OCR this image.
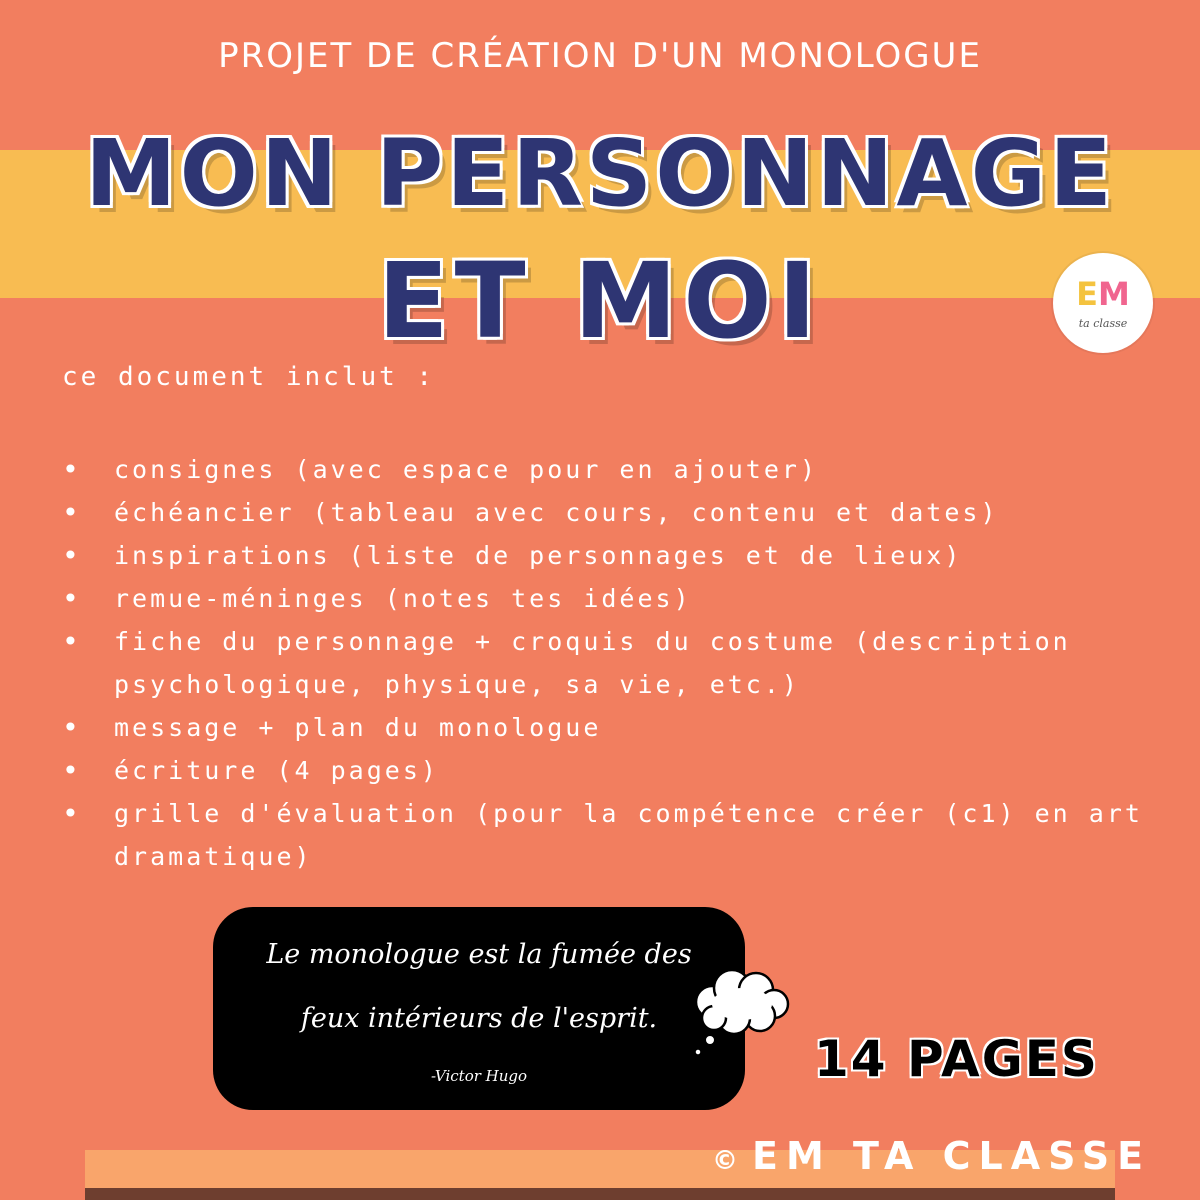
PROJET DE CRÉATION D'UN MONOLOGUE
MON PERSONNAGE
ET MOI	EM
ta classe
ce document inclut :
• consignes (avec espace pour en ajouter)
• échéancier (tableau avec cours, contenu et dates)
• inspirations (liste de personnages et de lieux)
• remue-méninges (notes tes idées)
• fiche du personnage + croquis du costume (description psychologique, physique, sa vie, etc.)
• message + plan du monologue
• écriture (4 pages)
• grille d'évaluation (pour la compétence créer (c1) en art dramatique)
Le monologue est la fumée des
feux intérieurs de l'esprit.
-Victor Hugo	14 PAGES
© EM TA CLASSE
